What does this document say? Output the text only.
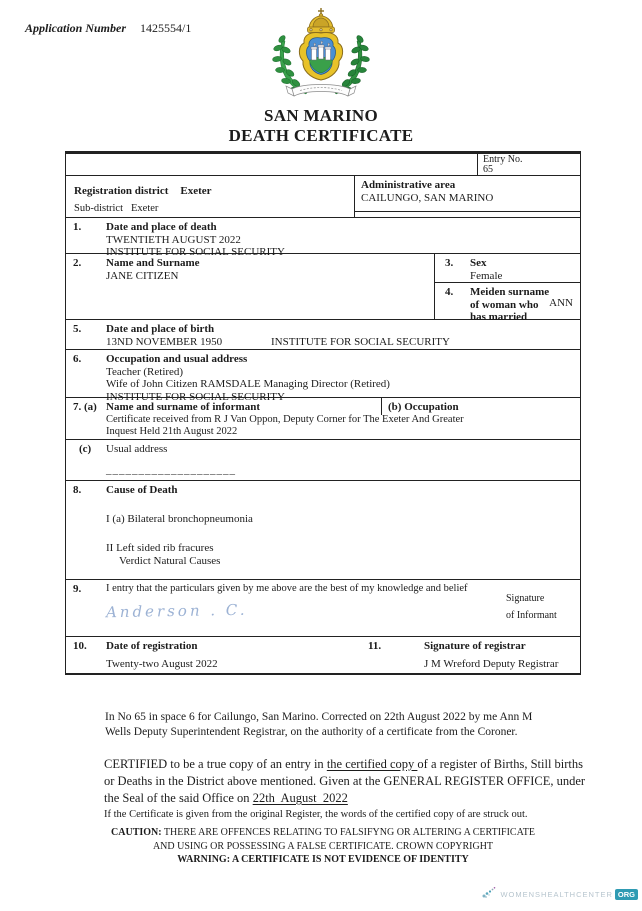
Application Number 1425554/1
SAN MARINO
DEATH CERTIFICATE
Entry No.
65
Registration district Exeter
Sub-district Exeter
Administrative area
CAILUNGO, SAN MARINO
1.	Date and place of death
TWENTIETH AUGUST 2022
INSTITUTE FOR SOCIAL SECURITY
2.	Name and Surname
JANE CITIZEN
3.	Sex
Female
4.	Meiden surname
of woman who
has married
ANN
5.	Date and place of birth
13ND NOVEMBER 1950	INSTITUTE FOR SOCIAL SECURITY
6.	Occupation and usual address
Teacher (Retired)
Wife of John Citizen RAMSDALE Managing Director (Retired)
INSTITUTE FOR SOCIAL SECURITY
7. (a) Name and surname of informant
Certificate received from R J Van Oppon, Deputy Corner for The Exeter And Greater
Inquest Held 21th August 2022
(b) Occupation
(c)	Usual address
____________________
8.	Cause of Death
I (a) Bilateral bronchopneumonia
II Left sided rib fracures
Verdict Natural Causes
9.	I entry that the particulars given by me above are the best of my knowledge and belief
Anderson . C.
Signature
of Informant
10.	Date of registration
Twenty-two August 2022
11.	Signature of registrar
J M Wreford Deputy Registrar
In No 65 in space 6 for Cailungo, San Marino. Corrected on 22th August 2022 by me Ann M
Wells Deputy Superintendent Registrar, on the authority of a certificate from the Coroner.
CERTIFIED to be a true copy of an entry in the certified copy of a register of Births, Still births or Deaths in the District above mentioned. Given at the GENERAL REGISTER OFFICE, under the Seal of the said Office on 22th  August  2022
If the Certificate is given from the original Register, the words of the certified copy of are struck out.
CAUTION: THERE ARE OFFENCES RELATING TO FALSIFYNG OR ALTERING A CERTIFICATE
AND USING OR POSSESSING A FALSE CERTIFICATE. CROWN COPYRIGHT
WARNING: A CERTIFICATE IS NOT EVIDENCE OF IDENTITY
WOMENSHEALTHCENTER ORG
